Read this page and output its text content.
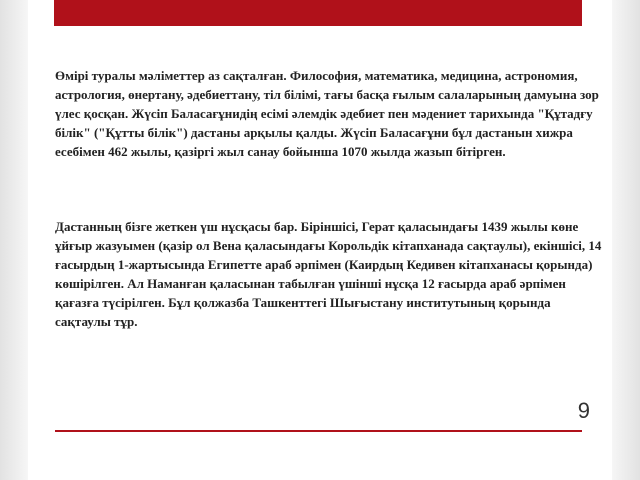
Өмірі туралы мәліметтер аз сақталған. Философия, математика, медицина, астрономия, астрология, өнертану, әдебиеттану, тіл білімі, тағы басқа ғылым салаларының дамуына зор үлес қосқан. Жүсіп Баласағұнидің есімі әлемдік әдебиет пен мәдениет тарихында "Құтадғу білік" ("Құтты білік") дастаны арқылы қалды. Жүсіп Баласағұни бұл дастанын хижра есебімен 462 жылы, қазіргі жыл санау бойынша 1070 жылда жазып бітірген.

Дастанның бізге жеткен үш нұсқасы бар. Біріншісі, Герат қаласындағы 1439 жылы көне ұйғыр жазуымен (қазір ол Вена қаласындағы Корольдік кітапханада сақтаулы), екіншісі, 14 ғасырдың 1-жартысында Египетте араб әрпімен (Каирдың Кедивен кітапханасы қорында) көшірілген. Ал Наманған қаласынан табылған үшінші нұсқа 12 ғасырда араб әрпімен қағазға түсірілген. Бұл қолжазба Ташкенттегі Шығыстану институтының қорында сақтаулы тұр.

9
